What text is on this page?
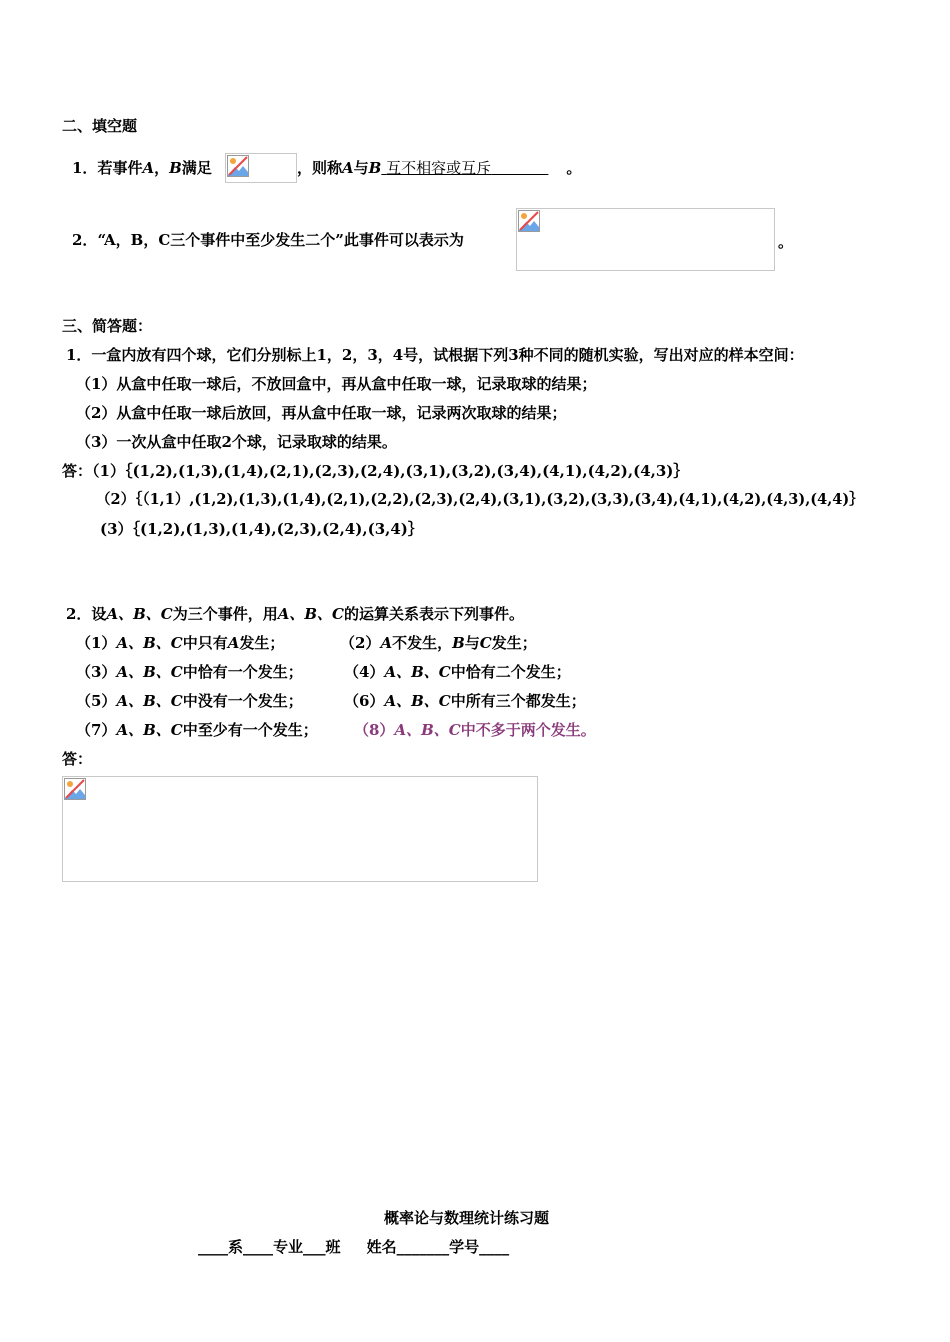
二、填空题
1．若事件A，B满足	，则称A与B 互不相容或互斥	。
2．“A，B，C三个事件中至少发生二个”此事件可以表示为	。
三、简答题：
1．一盒内放有四个球，它们分别标上1，2，3，4号，试根据下列3种不同的随机实验，写出对应的样本空间：
（1）从盒中任取一球后，不放回盒中，再从盒中任取一球，记录取球的结果；
（2）从盒中任取一球后放回，再从盒中任取一球，记录两次取球的结果；
（3）一次从盒中任取2个球，记录取球的结果。
答：（1）｛(1,2),(1,3),(1,4),(2,1),(2,3),(2,4),(3,1),(3,2),(3,4),(4,1),(4,2),(4,3)｝
（2）｛（1,1）,(1,2),(1,3),(1,4),(2,1),(2,2),(2,3),(2,4),(3,1),(3,2),(3,3),(3,4),(4,1),(4,2),(4,3),(4,4)｝
(3）｛(1,2),(1,3),(1,4),(2,3),(2,4),(3,4)｝
2．设A、B、C为三个事件，用A、B、C的运算关系表示下列事件。
（1）A、B、C中只有A发生；	（2）A不发生，B与C发生；
（3）A、B、C中恰有一个发生；	（4）A、B、C中恰有二个发生；
（5）A、B、C中没有一个发生；	（6）A、B、C中所有三个都发生；
（7）A、B、C中至少有一个发生； （8）A、B、C中不多于两个发生。
答：
概率论与数理统计练习题
____系____专业___班     姓名_______学号____
